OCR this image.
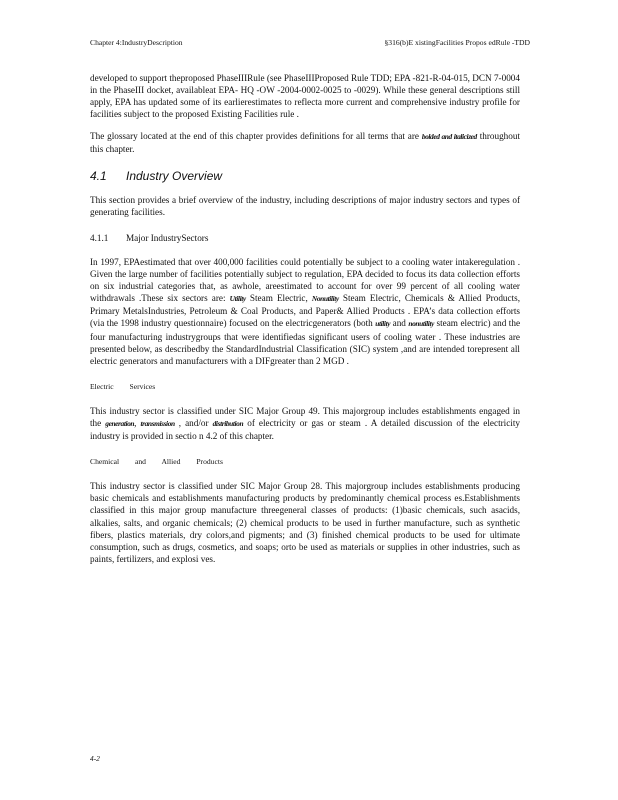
Chapter 4:IndustryDescription	§316(b)E xistingFacilities Propos edRule -TDD

developed to support theproposed PhaseIIIRule (see PhaseIIIProposed Rule TDD; EPA -821-R-04-015, DCN 7-0004 in the PhaseIII docket, availableat EPA- HQ -OW -2004-0002-0025 to -0029). While these general descriptions still apply, EPA has updated some of its earlierestimates to reflecta more current and comprehensive industry profile for facilities subject to the proposed Existing Facilities rule .

The glossary located at the end of this chapter provides definitions for all terms that are bolded and italicized throughout this chapter.

4.1 Industry Overview

This section provides a brief overview of the industry, including descriptions of major industry sectors and types of generating facilities.

4.1.1 Major IndustrySectors

In 1997, EPAestimated that over 400,000 facilities could potentially be subject to a cooling water intakeregulation . Given the large number of facilities potentially subject to regulation, EPA decided to focus its data collection efforts on six industrial categories that, as awhole, areestimated to account for over 99 percent of all cooling water withdrawals .These six sectors are: Utility Steam Electric, Nonutility Steam Electric, Chemicals & Allied Products, Primary MetalsIndustries, Petroleum & Coal Products, and Paper& Allied Products . EPA’s data collection efforts (via the 1998 industry questionnaire) focused on the electricgenerators (both utility and nonutility steam electric) and the four manufacturing industrygroups that were identifiedas significant users of cooling water . These industries are presented below, as describedby the StandardIndustrial Classification (SIC) system ,and are intended torepresent all electric generators and manufacturers with a DIFgreater than 2 MGD .

Electric Services

This industry sector is classified under SIC Major Group 49. This majorgroup includes establishments engaged in the generation, transmission , and/or distribution of electricity or gas or steam . A detailed discussion of the electricity industry is provided in sectio n 4.2 of this chapter.

Chemical and Allied Products

This industry sector is classified under SIC Major Group 28. This majorgroup includes establishments producing basic chemicals and establishments manufacturing products by predominantly chemical process es.Establishments classified in this major group manufacture threegeneral classes of products: (1)basic chemicals, such asacids, alkalies, salts, and organic chemicals; (2) chemical products to be used in further manufacture, such as synthetic fibers, plastics materials, dry colors,and pigments; and (3) finished chemical products to be used for ultimate consumption, such as drugs, cosmetics, and soaps; orto be used as materials or supplies in other industries, such as paints, fertilizers, and explosi ves.

4-2
